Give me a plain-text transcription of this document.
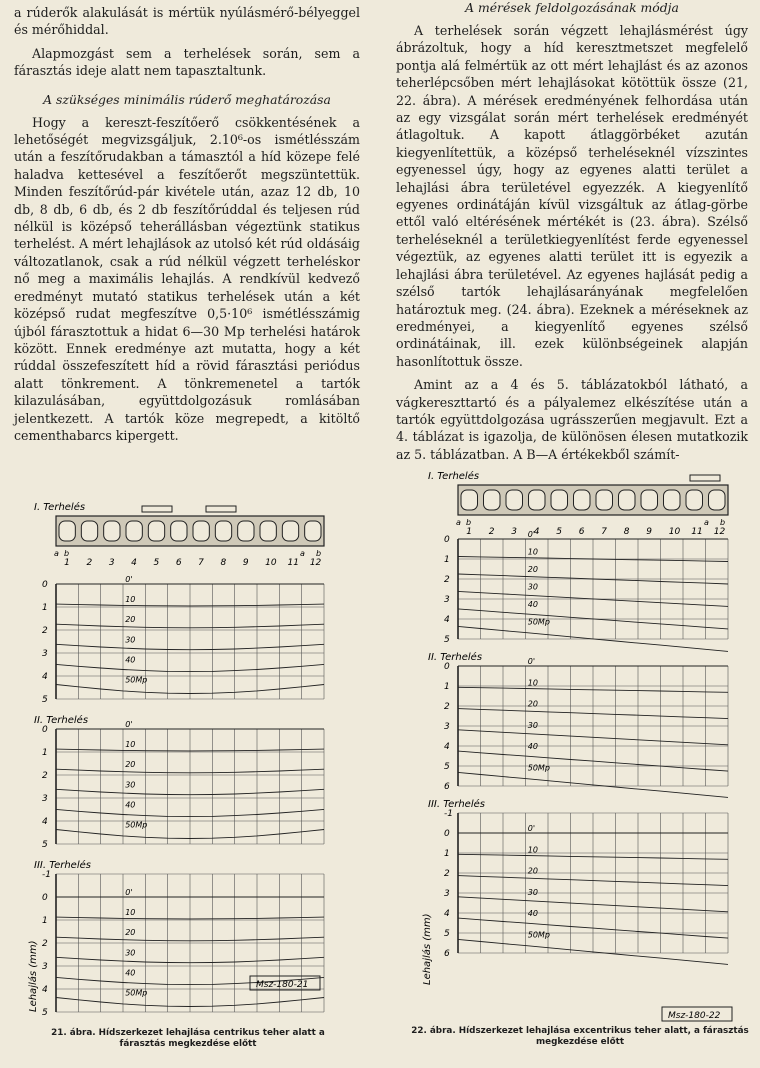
a rúderők alakulását is mértük nyúlásmérő-bélyeggel és mérőhiddal.

Alapmozgást sem a terhelések során, sem a fárasztás ideje alatt nem tapasztaltunk.

A szükséges minimális rúderő meghatározása

Hogy a kereszt-feszítőerő csökkentésének a lehetőségét megvizsgáljuk, 2.10⁶-os ismétlésszám után a feszítőrudakban a támasztól a híd közepe felé haladva kettesével a feszítőerőt megszüntettük. Minden feszítőrúd-pár kivétele után, azaz 12 db, 10 db, 8 db, 6 db, és 2 db feszítőrúddal és teljesen rúd nélkül is középső teherállásban végeztünk statikus terhelést. A mért lehajlások az utolsó két rúd oldásáig változatlanok, csak a rúd nélkül végzett terheléskor nő meg a maximális lehajlás. A rendkívül kedvező eredményt mutató statikus terhelések után a két középső rudat megfeszítve 0,5·10⁶ ismétlésszámig újból fárasztottuk a hidat 6—30 Mp terhelési határok között. Ennek eredménye azt mutatta, hogy a két rúddal összefeszített híd a rövid fárasztási periódus alatt tönkrement. A tönkremenetel a tartók kilazulásában, együttdolgozásuk romlásában jelentkezett. A tartók köze megrepedt, a kitöltő cementhabarcs kipergett.

A mérések feldolgozásának módja

A terhelések során végzett lehajlásmérést úgy ábrázoltuk, hogy a híd keresztmetszet megfelelő pontja alá felmértük az ott mért lehajlást és az azonos teherlépcsőben mért lehajlásokat kötöttük össze (21, 22. ábra). A mérések eredményének felhordása után az egy vizsgálat során mért terhelések eredményét átlagoltuk. A kapott átlaggörbéket azután kiegyenlítettük, a középső terheléseknél vízszintes egyenessel úgy, hogy az egyenes alatti terület a lehajlási ábra területével egyezzék. A kiegyenlítő egyenes ordinátáján kívül vizsgáltuk az átlag-görbe ettől való eltérésének mértékét is (23. ábra). Szélső terheléseknél a területkiegyenlítést ferde egyenessel végeztük, az egyenes alatti terület itt is egyezik a lehajlási ábra területével. Az egyenes hajlását pedig a szélső tartók lehajlásarányának megfelelően határoztuk meg. (24. ábra). Ezeknek a méréseknek az eredményei, a kiegyenlítő egyenes szélső ordinátáinak, ill. ezek különbségeinek alapján hasonlítottuk össze.

Amint az a 4 és 5. táblázatokból látható, a vágkereszttartó és a pályalemez elkészítése után a tartók együttdolgozása ugrásszerűen megjavult. Ezt a 4. táblázat is igazolja, de különösen élesen mutatkozik az 5. táblázatban. A B—A értékekből számít-

I. Terhelés
a b	a b
1 2 3 4 5 6 7 8 9 10 11 12
0
1
2
3
4
5
0'
10
20
30
40
50Mp
II. Terhelés
0
1
2
3
4
5
0'
10
20
30
40
50Mp
III. Terhelés
-1
0
1
2
3
4
5
0'
10
20
30
40
50Mp
Lehajlás (mm)	Msz-180-21
21. ábra. Hídszerkezet lehajlása centrikus teher alatt a fárasztás megkezdése előtt
I. Terhelés
a b	a b
1 2 3 4 5 6 7 8 9 10 11 12
0
1
2
3
4
5
0'
10
20
30
40
50Mp
II. Terhelés
0
1
2
3
4
5
6
0'
10
20
30
40
50Mp
III. Terhelés
-1
0
1
2
3
4
5
6
0'
10
20
30
40
50Mp
Lehajlás (mm)
Msz-180-22
22. ábra. Hídszerkezet lehajlása excentrikus teher alatt, a fárasztás megkezdése előtt
